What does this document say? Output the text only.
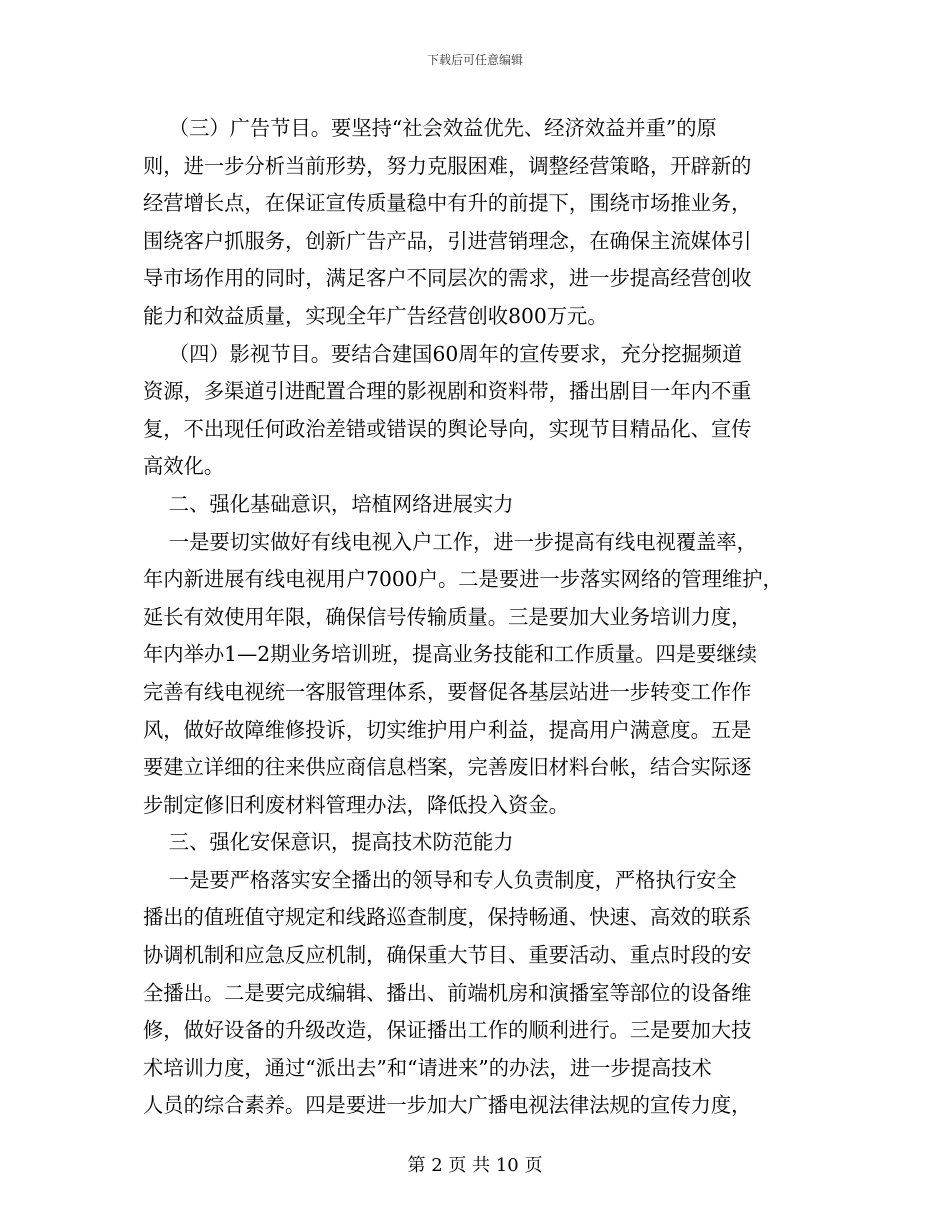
下载后可任意编辑
（三）广告节目。要坚持“社会效益优先、经济效益并重”的原
则，进一步分析当前形势，努力克服困难，调整经营策略，开辟新的
经营增长点，在保证宣传质量稳中有升的前提下，围绕市场推业务，
围绕客户抓服务，创新广告产品，引进营销理念，在确保主流媒体引
导市场作用的同时，满足客户不同层次的需求，进一步提高经营创收
能力和效益质量，实现全年广告经营创收800万元。
（四）影视节目。要结合建国60周年的宣传要求，充分挖掘频道
资源，多渠道引进配置合理的影视剧和资料带，播出剧目一年内不重
复，不出现任何政治差错或错误的舆论导向，实现节目精品化、宣传
高效化。
二、强化基础意识，培植网络进展实力
一是要切实做好有线电视入户工作，进一步提高有线电视覆盖率，
年内新进展有线电视用户7000户。二是要进一步落实网络的管理维护，
延长有效使用年限，确保信号传输质量。三是要加大业务培训力度，
年内举办1—2期业务培训班，提高业务技能和工作质量。四是要继续
完善有线电视统一客服管理体系，要督促各基层站进一步转变工作作
风，做好故障维修投诉，切实维护用户利益，提高用户满意度。五是
要建立详细的往来供应商信息档案，完善废旧材料台帐，结合实际逐
步制定修旧利废材料管理办法，降低投入资金。
三、强化安保意识，提高技术防范能力
一是要严格落实安全播出的领导和专人负责制度，严格执行安全
播出的值班值守规定和线路巡查制度，保持畅通、快速、高效的联系
协调机制和应急反应机制，确保重大节目、重要活动、重点时段的安
全播出。二是要完成编辑、播出、前端机房和演播室等部位的设备维
修，做好设备的升级改造，保证播出工作的顺利进行。三是要加大技
术培训力度，通过“派出去”和“请进来”的办法，进一步提高技术
人员的综合素养。四是要进一步加大广播电视法律法规的宣传力度，
第 2 页 共 10 页
